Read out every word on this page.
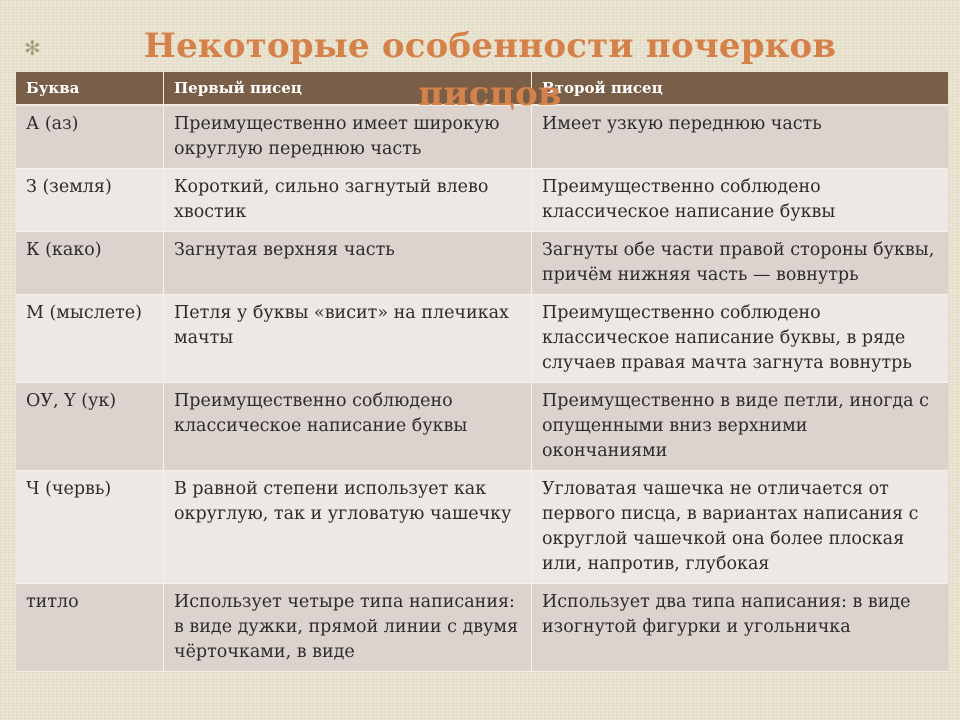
✻	Некоторые особенности почерков писцов
Буква	Первый писец	Второй писец
А (аз)	Преимущественно имеет широкую округлую переднюю часть	Имеет узкую переднюю часть
З (земля)	Короткий, сильно загнутый влево хвостик	Преимущественно соблюдено классическое написание буквы
К (како)	Загнутая верхняя часть	Загнуты обе части правой стороны буквы, причём нижняя часть — вовнутрь
М (мыслете)	Петля у буквы «висит» на плечиках мачты	Преимущественно соблюдено классическое написание буквы, в ряде случаев правая мачта загнута вовнутрь
ОУ, Ү (ук)	Преимущественно соблюдено классическое написание буквы	Преимущественно в виде петли, иногда с опущенными вниз верхними окончаниями
Ч (червь)	В равной степени использует как округлую, так и угловатую чашечку	Угловатая чашечка не отличается от первого писца, в вариантах написания с округлой чашечкой она более плоская или, напротив, глубокая
титло	Использует четыре типа написания: в виде дужки, прямой линии с двумя чёрточками, в виде	Использует два типа написания: в виде изогнутой фигурки и угольничка
